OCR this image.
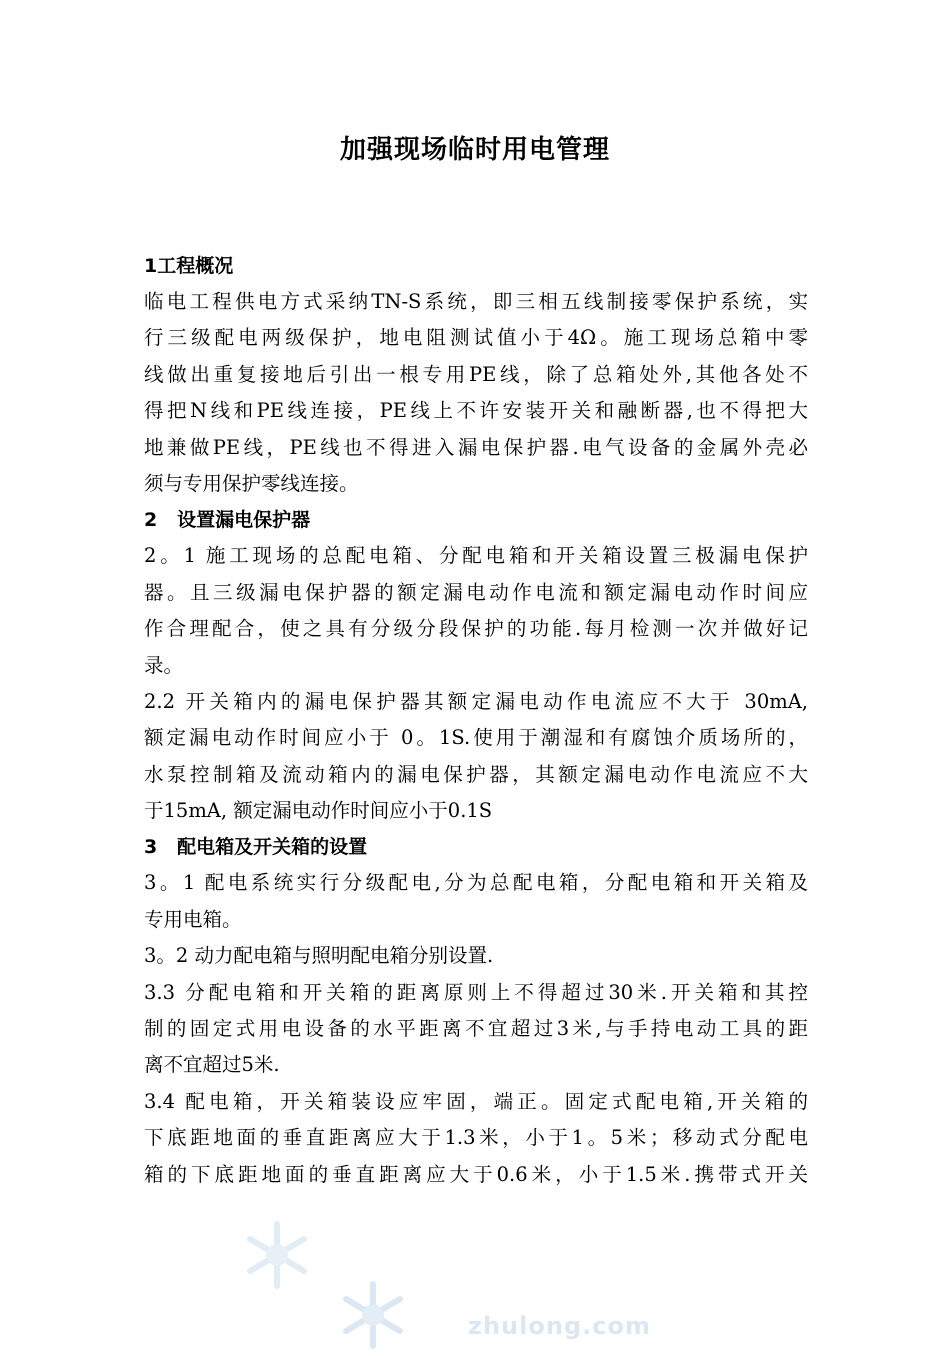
加强现场临时用电管理
1工程概况
临电工程供电方式采纳TN-S系统，即三相五线制接零保护系统，实
行三级配电两级保护，地电阻测试值小于4Ω。施工现场总箱中零
线做出重复接地后引出一根专用PE线，除了总箱处外,其他各处不
得把N线和PE线连接，PE线上不许安装开关和融断器,也不得把大
地兼做PE线，PE线也不得进入漏电保护器.电气设备的金属外壳必
须与专用保护零线连接。
2   设置漏电保护器
2。1 施工现场的总配电箱、分配电箱和开关箱设置三极漏电保护
器。且三级漏电保护器的额定漏电动作电流和额定漏电动作时间应
作合理配合，使之具有分级分段保护的功能.每月检测一次并做好记
录。
2.2 开关箱内的漏电保护器其额定漏电动作电流应不大于 30mA,
额定漏电动作时间应小于 0。1S.使用于潮湿和有腐蚀介质场所的，
水泵控制箱及流动箱内的漏电保护器，其额定漏电动作电流应不大
于15mA, 额定漏电动作时间应小于0.1S
3   配电箱及开关箱的设置
3。1 配电系统实行分级配电,分为总配电箱，分配电箱和开关箱及
专用电箱。
3。2 动力配电箱与照明配电箱分别设置.
3.3 分配电箱和开关箱的距离原则上不得超过30米.开关箱和其控
制的固定式用电设备的水平距离不宜超过3米,与手持电动工具的距
离不宜超过5米.
3.4 配电箱，开关箱装设应牢固，端正。固定式配电箱,开关箱的
下底距地面的垂直距离应大于1.3米，小于1。5米；移动式分配电
箱的下底距地面的垂直距离应大于0.6米，小于1.5米.携带式开关
zhulong.com
